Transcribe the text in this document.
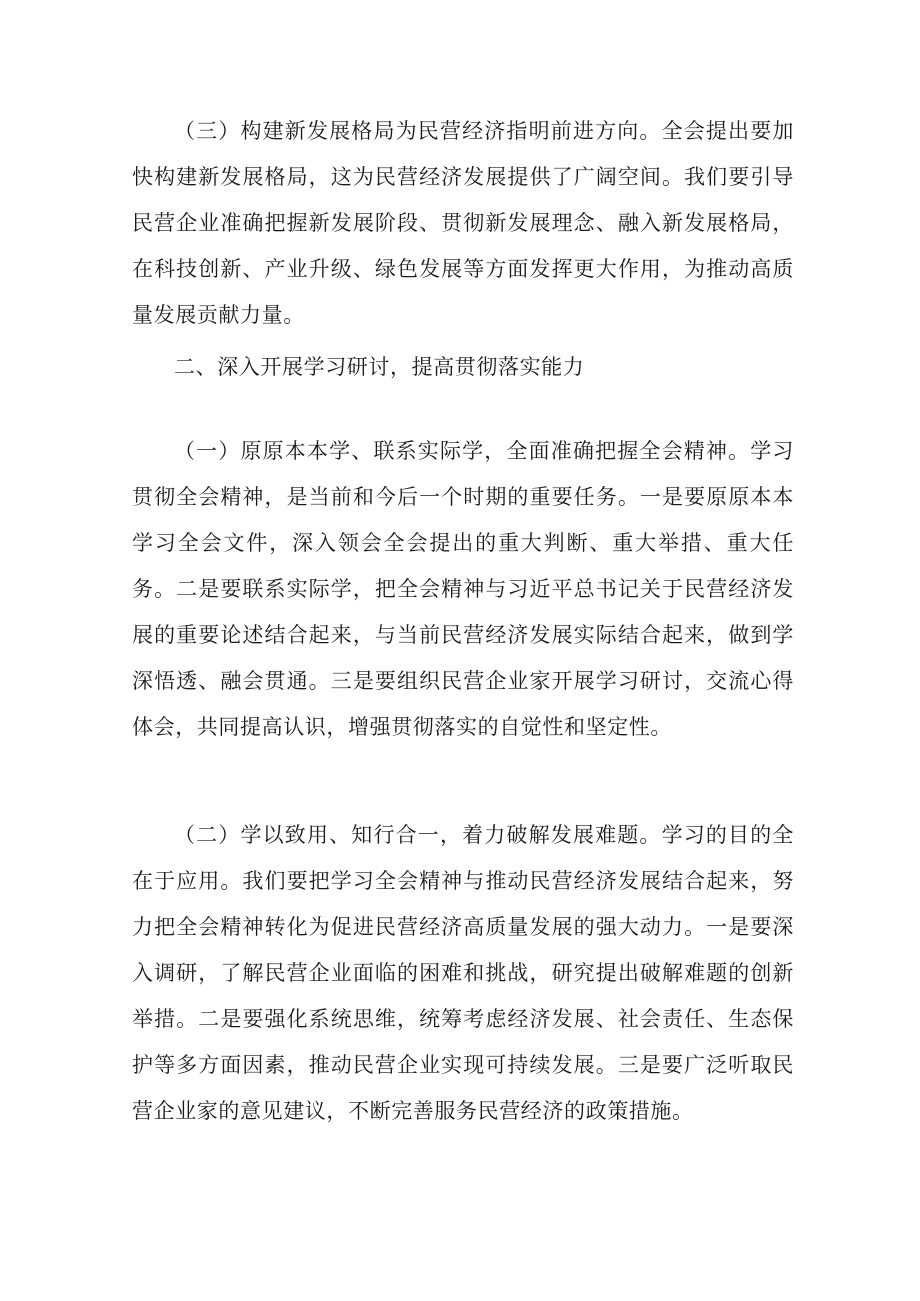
（三）构建新发展格局为民营经济指明前进方向。全会提出要加快构建新发展格局，这为民营经济发展提供了广阔空间。我们要引导民营企业准确把握新发展阶段、贯彻新发展理念、融入新发展格局，在科技创新、产业升级、绿色发展等方面发挥更大作用，为推动高质量发展贡献力量。

二、深入开展学习研讨，提高贯彻落实能力

（一）原原本本学、联系实际学，全面准确把握全会精神。学习贯彻全会精神，是当前和今后一个时期的重要任务。一是要原原本本学习全会文件，深入领会全会提出的重大判断、重大举措、重大任务。二是要联系实际学，把全会精神与习近平总书记关于民营经济发展的重要论述结合起来，与当前民营经济发展实际结合起来，做到学深悟透、融会贯通。三是要组织民营企业家开展学习研讨，交流心得体会，共同提高认识，增强贯彻落实的自觉性和坚定性。

（二）学以致用、知行合一，着力破解发展难题。学习的目的全在于应用。我们要把学习全会精神与推动民营经济发展结合起来，努力把全会精神转化为促进民营经济高质量发展的强大动力。一是要深入调研，了解民营企业面临的困难和挑战，研究提出破解难题的创新举措。二是要强化系统思维，统筹考虑经济发展、社会责任、生态保护等多方面因素，推动民营企业实现可持续发展。三是要广泛听取民营企业家的意见建议，不断完善服务民营经济的政策措施。
